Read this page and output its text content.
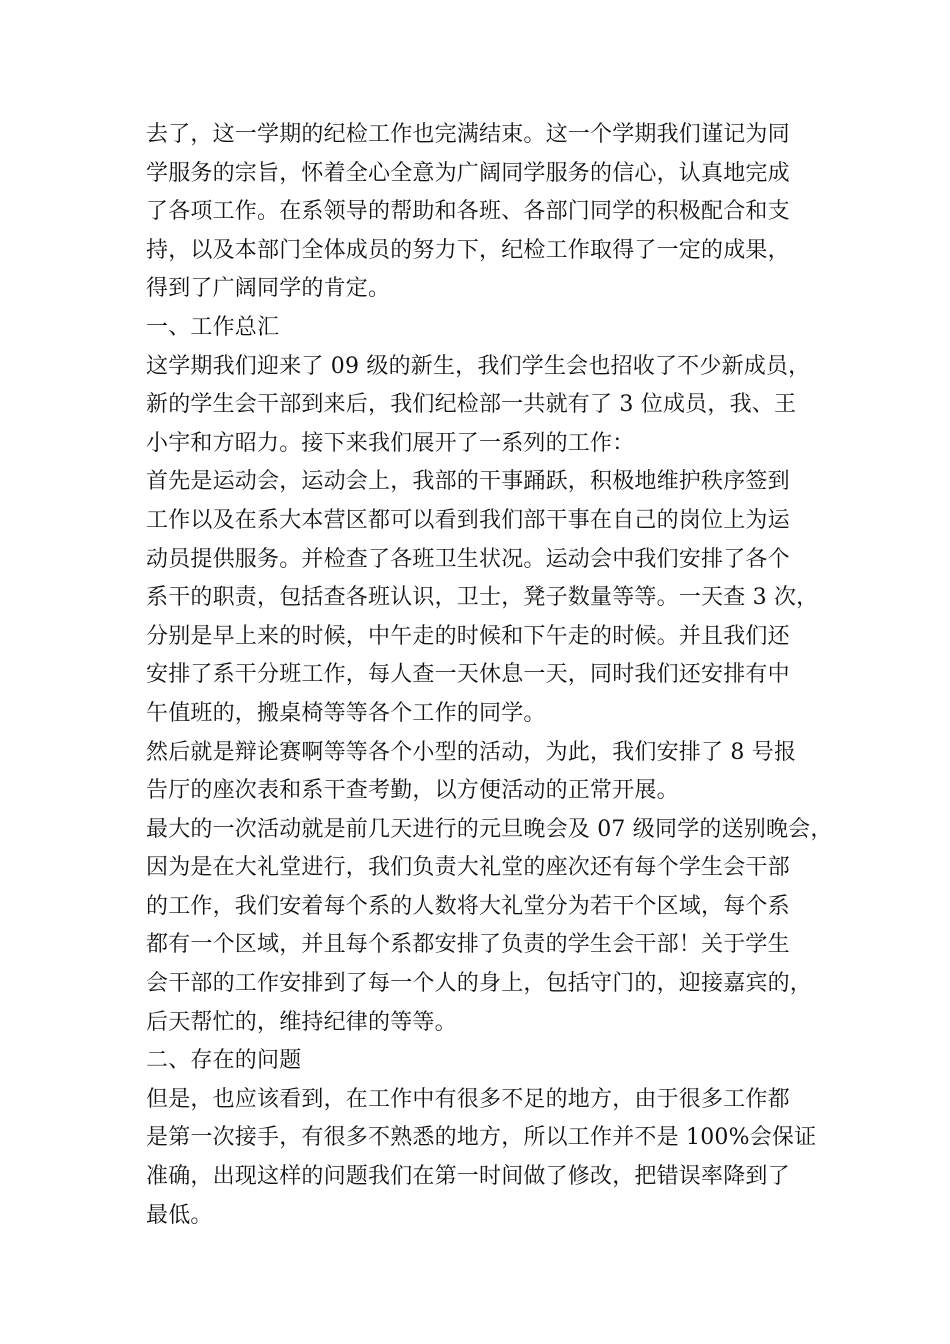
去了，这一学期的纪检工作也完满结束。这一个学期我们谨记为同
学服务的宗旨，怀着全心全意为广阔同学服务的信心，认真地完成
了各项工作。在系领导的帮助和各班、各部门同学的积极配合和支
持，以及本部门全体成员的努力下，纪检工作取得了一定的成果，
得到了广阔同学的肯定。
一、工作总汇
这学期我们迎来了 09 级的新生，我们学生会也招收了不少新成员，
新的学生会干部到来后，我们纪检部一共就有了 3 位成员，我、王
小宇和方昭力。接下来我们展开了一系列的工作：
首先是运动会，运动会上，我部的干事踊跃，积极地维护秩序签到
工作以及在系大本营区都可以看到我们部干事在自己的岗位上为运
动员提供服务。并检查了各班卫生状况。运动会中我们安排了各个
系干的职责，包括查各班认识，卫士，凳子数量等等。一天查 3 次，
分别是早上来的时候，中午走的时候和下午走的时候。并且我们还
安排了系干分班工作，每人查一天休息一天，同时我们还安排有中
午值班的，搬桌椅等等各个工作的同学。
然后就是辩论赛啊等等各个小型的活动，为此，我们安排了 8 号报
告厅的座次表和系干查考勤，以方便活动的正常开展。
最大的一次活动就是前几天进行的元旦晚会及 07 级同学的送别晚会，
因为是在大礼堂进行，我们负责大礼堂的座次还有每个学生会干部
的工作，我们安着每个系的人数将大礼堂分为若干个区域，每个系
都有一个区域，并且每个系都安排了负责的学生会干部！关于学生
会干部的工作安排到了每一个人的身上，包括守门的，迎接嘉宾的，
后天帮忙的，维持纪律的等等。
二、存在的问题
但是，也应该看到，在工作中有很多不足的地方，由于很多工作都
是第一次接手，有很多不熟悉的地方，所以工作并不是 100%会保证
准确，出现这样的问题我们在第一时间做了修改，把错误率降到了
最低。
